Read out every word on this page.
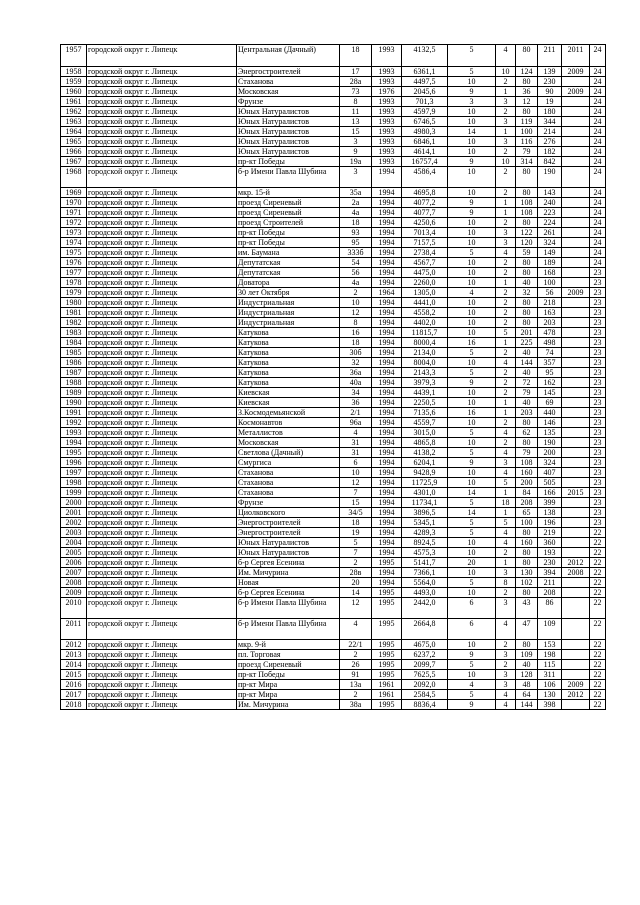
1957	городской округ г. Липецк	Центральная (Дачный)	18	1993	4132,5	5	4	80	211	2011	24
1958	городской округ г. Липецк	Энергостроителей	17	1993	6361,1	5	10	124	139	2009	24
1959	городской округ г. Липецк	Стаханова	28а	1993	4497,5	10	2	80	230		24
1960	городской округ г. Липецк	Московская	73	1976	2045,6	9	1	36	90	2009	24
1961	городской округ г. Липецк	Фрунзе	8	1993	701,3	3	3	12	19		24
1962	городской округ г. Липецк	Юных Натуралистов	11	1993	4597,9	10	2	80	180		24
1963	городской округ г. Липецк	Юных Натуралистов	13	1993	6746,5	10	3	119	344		24
1964	городской округ г. Липецк	Юных Натуралистов	15	1993	4980,3	14	1	100	214		24
1965	городской округ г. Липецк	Юных Натуралистов	3	1993	6846,1	10	3	116	276		24
1966	городской округ г. Липецк	Юных Натуралистов	9	1993	4614,1	10	2	79	182		24
1967	городской округ г. Липецк	пр-кт Победы	19а	1993	16757,4	9	10	314	842		24
1968	городской округ г. Липецк	б-р Имени Павла Шубина	3	1994	4586,4	10	2	80	190		24
1969	городской округ г. Липецк	мкр. 15-й	35а	1994	4695,8	10	2	80	143		24
1970	городской округ г. Липецк	проезд Сиреневый	2а	1994	4077,2	9	1	108	240		24
1971	городской округ г. Липецк	проезд Сиреневый	4а	1994	4077,7	9	1	108	223		24
1972	городской округ г. Липецк	проезд Строителей	18	1994	4250,6	10	2	80	224		24
1973	городской округ г. Липецк	пр-кт Победы	93	1994	7013,4	10	3	122	261		24
1974	городской округ г. Липецк	пр-кт Победы	95	1994	7157,5	10	3	120	324		24
1975	городской округ г. Липецк	им. Баумана	333б	1994	2738,4	5	4	59	149		24
1976	городской округ г. Липецк	Депутатская	54	1994	4567,7	10	2	80	189		24
1977	городской округ г. Липецк	Депутатская	56	1994	4475,0	10	2	80	168		23
1978	городской округ г. Липецк	Доватора	4а	1994	2260,0	10	1	40	100		23
1979	городской округ г. Липецк	30 лет Октября	2	1964	1305,0	4	2	32	56	2009	23
1980	городской округ г. Липецк	Индустриальная	10	1994	4441,0	10	2	80	218		23
1981	городской округ г. Липецк	Индустриальная	12	1994	4558,2	10	2	80	163		23
1982	городской округ г. Липецк	Индустриальная	8	1994	4402,0	10	2	80	203		23
1983	городской округ г. Липецк	Катукова	16	1994	11815,7	10	5	201	478		23
1984	городской округ г. Липецк	Катукова	18	1994	8000,4	16	1	225	498		23
1985	городской округ г. Липецк	Катукова	30б	1994	2134,0	5	2	40	74		23
1986	городской округ г. Липецк	Катукова	32	1994	8004,0	10	4	144	357		23
1987	городской округ г. Липецк	Катукова	36а	1994	2143,3	5	2	40	95		23
1988	городской округ г. Липецк	Катукова	40а	1994	3979,3	9	2	72	162		23
1989	городской округ г. Липецк	Киевская	34	1994	4439,1	10	2	79	145		23
1990	городской округ г. Липецк	Киевская	36	1994	2250,5	10	1	40	69		23
1991	городской округ г. Липецк	З.Космодемьянской	2/1	1994	7135,6	16	1	203	440		23
1992	городской округ г. Липецк	Космонавтов	96а	1994	4559,7	10	2	80	146		23
1993	городской округ г. Липецк	Металлистов	4	1994	3015,0	5	4	62	135		23
1994	городской округ г. Липецк	Московская	31	1994	4865,8	10	2	80	190		23
1995	городской округ г. Липецк	Светлова (Дачный)	31	1994	4138,2	5	4	79	200		23
1996	городской округ г. Липецк	Смургиса	6	1994	6204,1	9	3	108	324		23
1997	городской округ г. Липецк	Стаханова	10	1994	9428,9	10	4	160	407		23
1998	городской округ г. Липецк	Стаханова	12	1994	11725,9	10	5	200	505		23
1999	городской округ г. Липецк	Стаханова	7	1994	4301,0	14	1	84	166	2015	23
2000	городской округ г. Липецк	Фрунзе	15	1994	11734,1	5	18	208	399		23
2001	городской округ г. Липецк	Циолковского	34/5	1994	3896,5	14	1	65	138		23
2002	городской округ г. Липецк	Энергостроителей	18	1994	5345,1	5	5	100	196		23
2003	городской округ г. Липецк	Энергостроителей	19	1994	4289,3	5	4	80	219		22
2004	городской округ г. Липецк	Юных Натуралистов	5	1994	8924,5	10	4	160	360		22
2005	городской округ г. Липецк	Юных Натуралистов	7	1994	4575,3	10	2	80	193		22
2006	городской округ г. Липецк	б-р Сергея Есенина	2	1995	5141,7	20	1	80	230	2012	22
2007	городской округ г. Липецк	Им. Мичурина	28в	1994	7366,1	10	3	130	394	2008	22
2008	городской округ г. Липецк	Новая	20	1994	5564,0	5	8	102	211		22
2009	городской округ г. Липецк	б-р Сергея Есенина	14	1995	4493,0	10	2	80	208		22
2010	городской округ г. Липецк	б-р Имени Павла Шубина	12	1995	2442,0	6	3	43	86		22
2011	городской округ г. Липецк	б-р Имени Павла Шубина	4	1995	2664,8	6	4	47	109		22
2012	городской округ г. Липецк	мкр. 9-й	22/1	1995	4675,0	10	2	80	153		22
2013	городской округ г. Липецк	пл. Торговая	2	1995	6237,2	9	3	109	198		22
2014	городской округ г. Липецк	проезд Сиреневый	26	1995	2099,7	5	2	40	115		22
2015	городской округ г. Липецк	пр-кт Победы	91	1995	7625,5	10	3	128	311		22
2016	городской округ г. Липецк	пр-кт Мира	13а	1961	2092,0	4	3	48	106	2009	22
2017	городской округ г. Липецк	пр-кт Мира	2	1961	2584,5	5	4	64	130	2012	22
2018	городской округ г. Липецк	Им. Мичурина	38а	1995	8836,4	9	4	144	398		22
